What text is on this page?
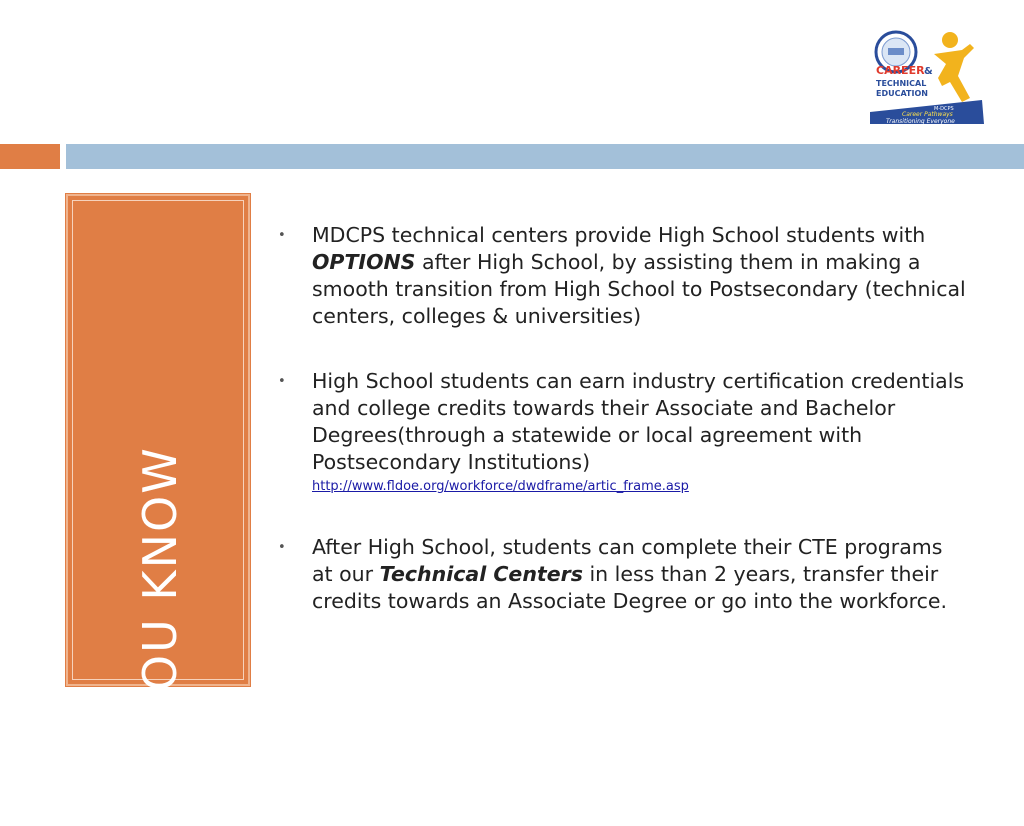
CAREER &
TECHNICAL
EDUCATION
M-DCPS
Career Pathways
Transitioning Everyone
DID YOU KNOW
• MDCPS technical centers provide High School students with OPTIONS after High School, by assisting them in making a smooth transition from High School to Postsecondary (technical centers, colleges & universities)
• High School students can earn industry certification credentials and college credits towards their Associate and Bachelor Degrees(through a statewide or local agreement with Postsecondary Institutions)
http://www.fldoe.org/workforce/dwdframe/artic_frame.asp
• After High School, students can complete their CTE programs at our Technical Centers in less than 2 years, transfer their credits towards an Associate Degree or go into the workforce.
